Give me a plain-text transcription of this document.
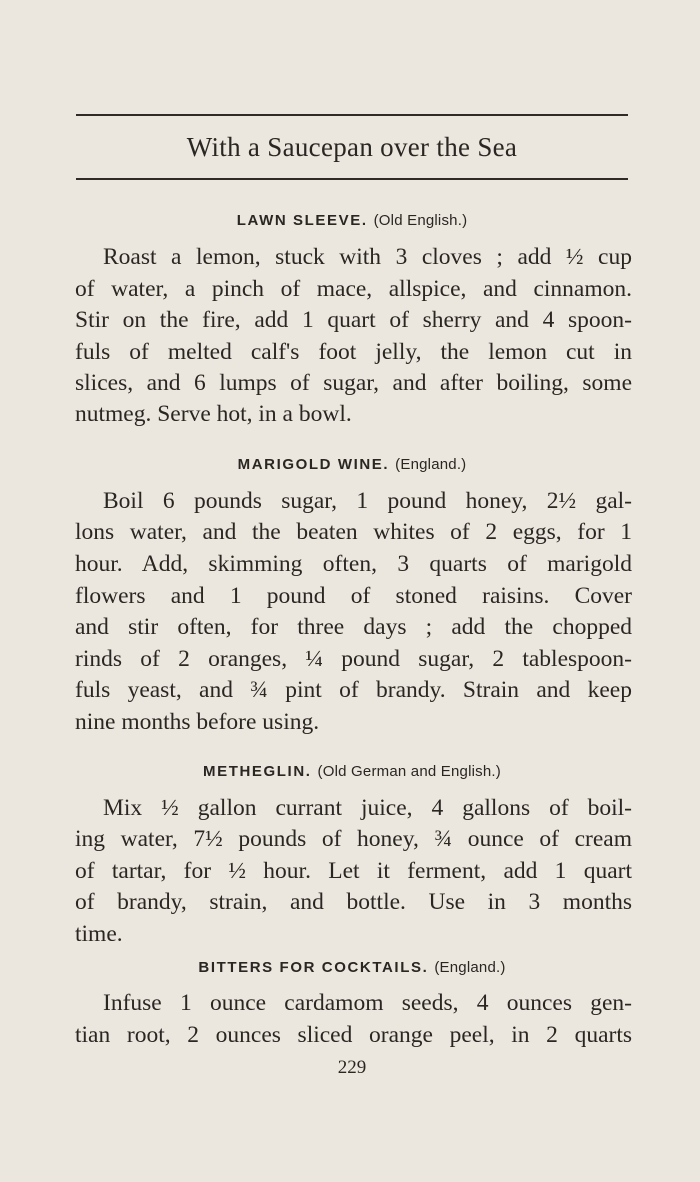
With a Saucepan over the Sea
LAWN SLEEVE. (Old English.)
Roast a lemon, stuck with 3 cloves ; add ½ cup
of water, a pinch of mace, allspice, and cinnamon.
Stir on the fire, add 1 quart of sherry and 4 spoon-
fuls of melted calf's foot jelly, the lemon cut in
slices, and 6 lumps of sugar, and after boiling, some
nutmeg. Serve hot, in a bowl.
MARIGOLD WINE. (England.)
Boil 6 pounds sugar, 1 pound honey, 2½ gal-
lons water, and the beaten whites of 2 eggs, for 1
hour. Add, skimming often, 3 quarts of marigold
flowers and 1 pound of stoned raisins. Cover
and stir often, for three days ; add the chopped
rinds of 2 oranges, ¼ pound sugar, 2 tablespoon-
fuls yeast, and ¾ pint of brandy. Strain and keep
nine months before using.
METHEGLIN. (Old German and English.)
Mix ½ gallon currant juice, 4 gallons of boil-
ing water, 7½ pounds of honey, ¾ ounce of cream
of tartar, for ½ hour. Let it ferment, add 1 quart
of brandy, strain, and bottle. Use in 3 months
time.
BITTERS FOR COCKTAILS. (England.)
Infuse 1 ounce cardamom seeds, 4 ounces gen-
tian root, 2 ounces sliced orange peel, in 2 quarts
229
